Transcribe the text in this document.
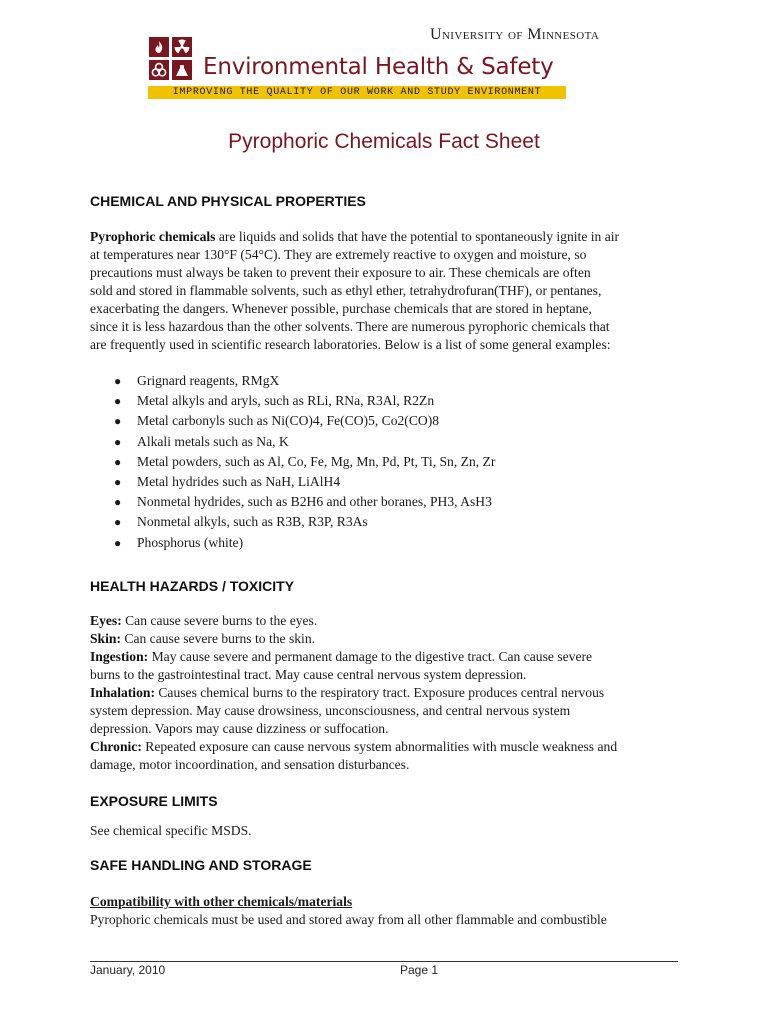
University of Minnesota
Environmental Health & Safety
IMPROVING THE QUALITY OF OUR WORK AND STUDY ENVIRONMENT
Pyrophoric Chemicals Fact Sheet
CHEMICAL AND PHYSICAL PROPERTIES
Pyrophoric chemicals are liquids and solids that have the potential to spontaneously ignite in air
at temperatures near 130°F (54°C). They are extremely reactive to oxygen and moisture, so
precautions must always be taken to prevent their exposure to air. These chemicals are often
sold and stored in flammable solvents, such as ethyl ether, tetrahydrofuran(THF), or pentanes,
exacerbating the dangers. Whenever possible, purchase chemicals that are stored in heptane,
since it is less hazardous than the other solvents. There are numerous pyrophoric chemicals that
are frequently used in scientific research laboratories. Below is a list of some general examples:
● Grignard reagents, RMgX
● Metal alkyls and aryls, such as RLi, RNa, R3Al, R2Zn
● Metal carbonyls such as Ni(CO)4, Fe(CO)5, Co2(CO)8
● Alkali metals such as Na, K
● Metal powders, such as Al, Co, Fe, Mg, Mn, Pd, Pt, Ti, Sn, Zn, Zr
● Metal hydrides such as NaH, LiAlH4
● Nonmetal hydrides, such as B2H6 and other boranes, PH3, AsH3
● Nonmetal alkyls, such as R3B, R3P, R3As
● Phosphorus (white)
HEALTH HAZARDS / TOXICITY
Eyes: Can cause severe burns to the eyes.
Skin: Can cause severe burns to the skin.
Ingestion: May cause severe and permanent damage to the digestive tract. Can cause severe
burns to the gastrointestinal tract. May cause central nervous system depression.
Inhalation: Causes chemical burns to the respiratory tract. Exposure produces central nervous
system depression. May cause drowsiness, unconsciousness, and central nervous system
depression. Vapors may cause dizziness or suffocation.
Chronic: Repeated exposure can cause nervous system abnormalities with muscle weakness and
damage, motor incoordination, and sensation disturbances.
EXPOSURE LIMITS
See chemical specific MSDS.
SAFE HANDLING AND STORAGE
Compatibility with other chemicals/materials
Pyrophoric chemicals must be used and stored away from all other flammable and combustible
January, 2010	Page 1
